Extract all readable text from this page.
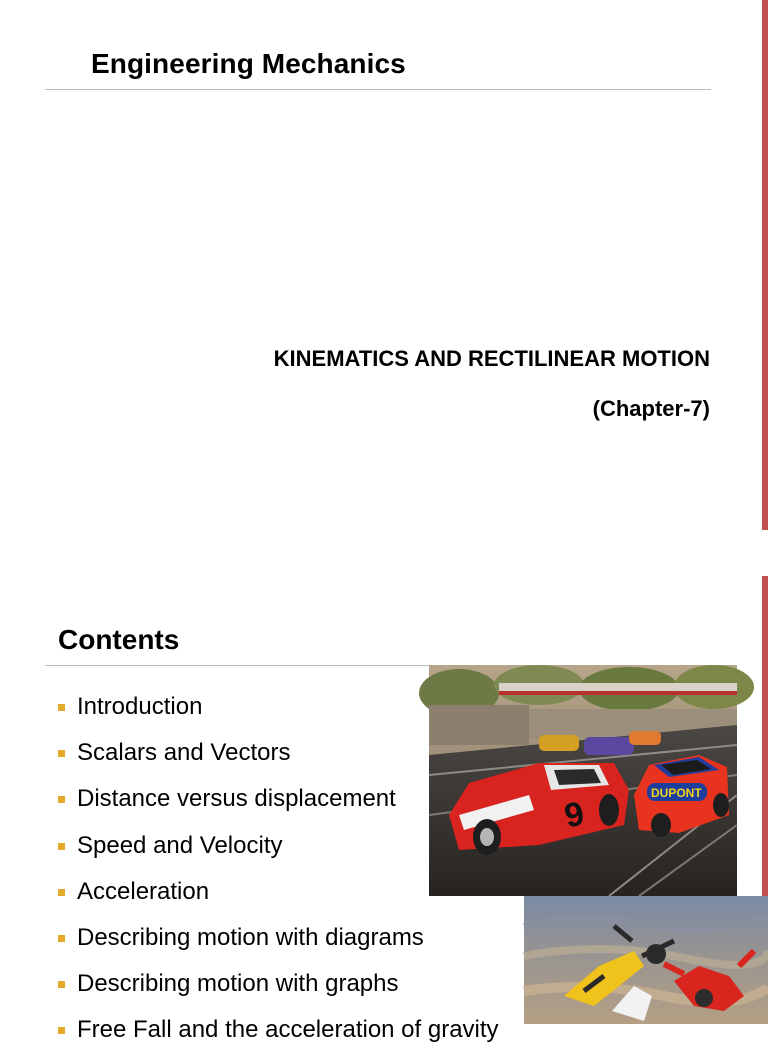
Engineering Mechanics
KINEMATICS AND RECTILINEAR MOTION
(Chapter-7)
Contents
Introduction
Scalars and Vectors
Distance versus displacement
Speed and Velocity
Acceleration
Describing motion with diagrams
Describing motion with graphs
Free Fall and the acceleration of gravity
9
DUPONT
